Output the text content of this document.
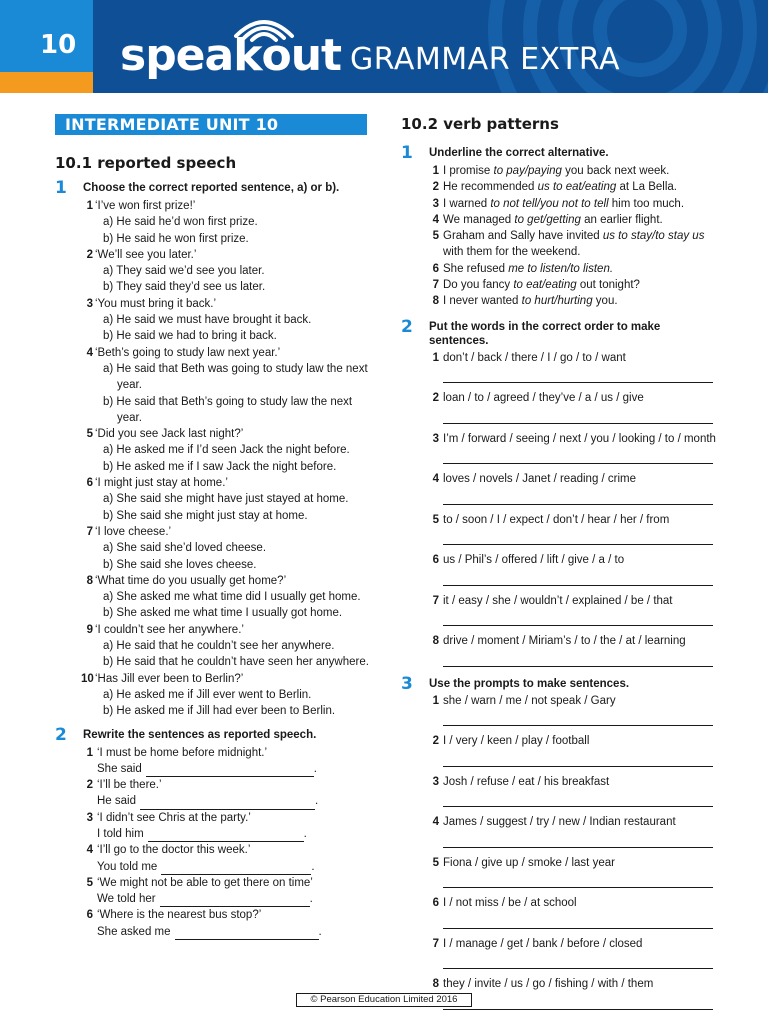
10 speakout GRAMMAR EXTRA
INTERMEDIATE UNIT 10
10.1 reported speech
1 Choose the correct reported sentence, a) or b).
1 ‘I’ve won first prize!’
a) He said he’d won first prize.
b) He said he won first prize.
2 ‘We’ll see you later.’
a) They said we’d see you later.
b) They said they’d see us later.
3 ‘You must bring it back.’
a) He said we must have brought it back.
b) He said we had to bring it back.
4 ‘Beth’s going to study law next year.’
a) He said that Beth was going to study law the next year.
b) He said that Beth’s going to study law the next year.
5 ‘Did you see Jack last night?’
a) He asked me if I’d seen Jack the night before.
b) He asked me if I saw Jack the night before.
6 ‘I might just stay at home.’
a) She said she might have just stayed at home.
b) She said she might just stay at home.
7 ‘I love cheese.’
a) She said she’d loved cheese.
b) She said she loves cheese.
8 ‘What time do you usually get home?’
a) She asked me what time did I usually get home.
b) She asked me what time I usually got home.
9 ‘I couldn’t see her anywhere.’
a) He said that he couldn’t see her anywhere.
b) He said that he couldn’t have seen her anywhere.
10 ‘Has Jill ever been to Berlin?’
a) He asked me if Jill ever went to Berlin.
b) He asked me if Jill had ever been to Berlin.
2 Rewrite the sentences as reported speech.
1 ‘I must be home before midnight.’
She said	.
2 ‘I’ll be there.’
He said	.
3 ‘I didn’t see Chris at the party.’
I told him	.
4 ‘I’ll go to the doctor this week.’
You told me	.
5 ‘We might not be able to get there on time’
We told her	.
6 ‘Where is the nearest bus stop?’
She asked me	.
10.2 verb patterns
1 Underline the correct alternative.
1 I promise to pay/paying you back next week.
2 He recommended us to eat/eating at La Bella.
3 I warned to not tell/you not to tell him too much.
4 We managed to get/getting an earlier flight.
5 Graham and Sally have invited us to stay/to stay us with them for the weekend.
6 She refused me to listen/to listen.
7 Do you fancy to eat/eating out tonight?
8 I never wanted to hurt/hurting you.
2 Put the words in the correct order to make sentences.
1 don’t / back / there / I / go / to / want
2 loan / to / agreed / they’ve / a / us / give
3 I’m / forward / seeing / next / you / looking / to / month
4 loves / novels / Janet / reading / crime
5 to / soon / I / expect / don’t / hear / her / from
6 us / Phil’s / offered / lift / give / a / to
7 it / easy / she / wouldn’t / explained / be / that
8 drive / moment / Miriam’s / to / the / at / learning
3 Use the prompts to make sentences.
1 she / warn / me / not speak / Gary
2 I / very / keen / play / football
3 Josh / refuse / eat / his breakfast
4 James / suggest / try / new / Indian restaurant
5 Fiona / give up / smoke / last year
6 I / not miss / be / at school
7 I / manage / get / bank / before / closed
8 they / invite / us / go / fishing / with / them
© Pearson Education Limited 2016
